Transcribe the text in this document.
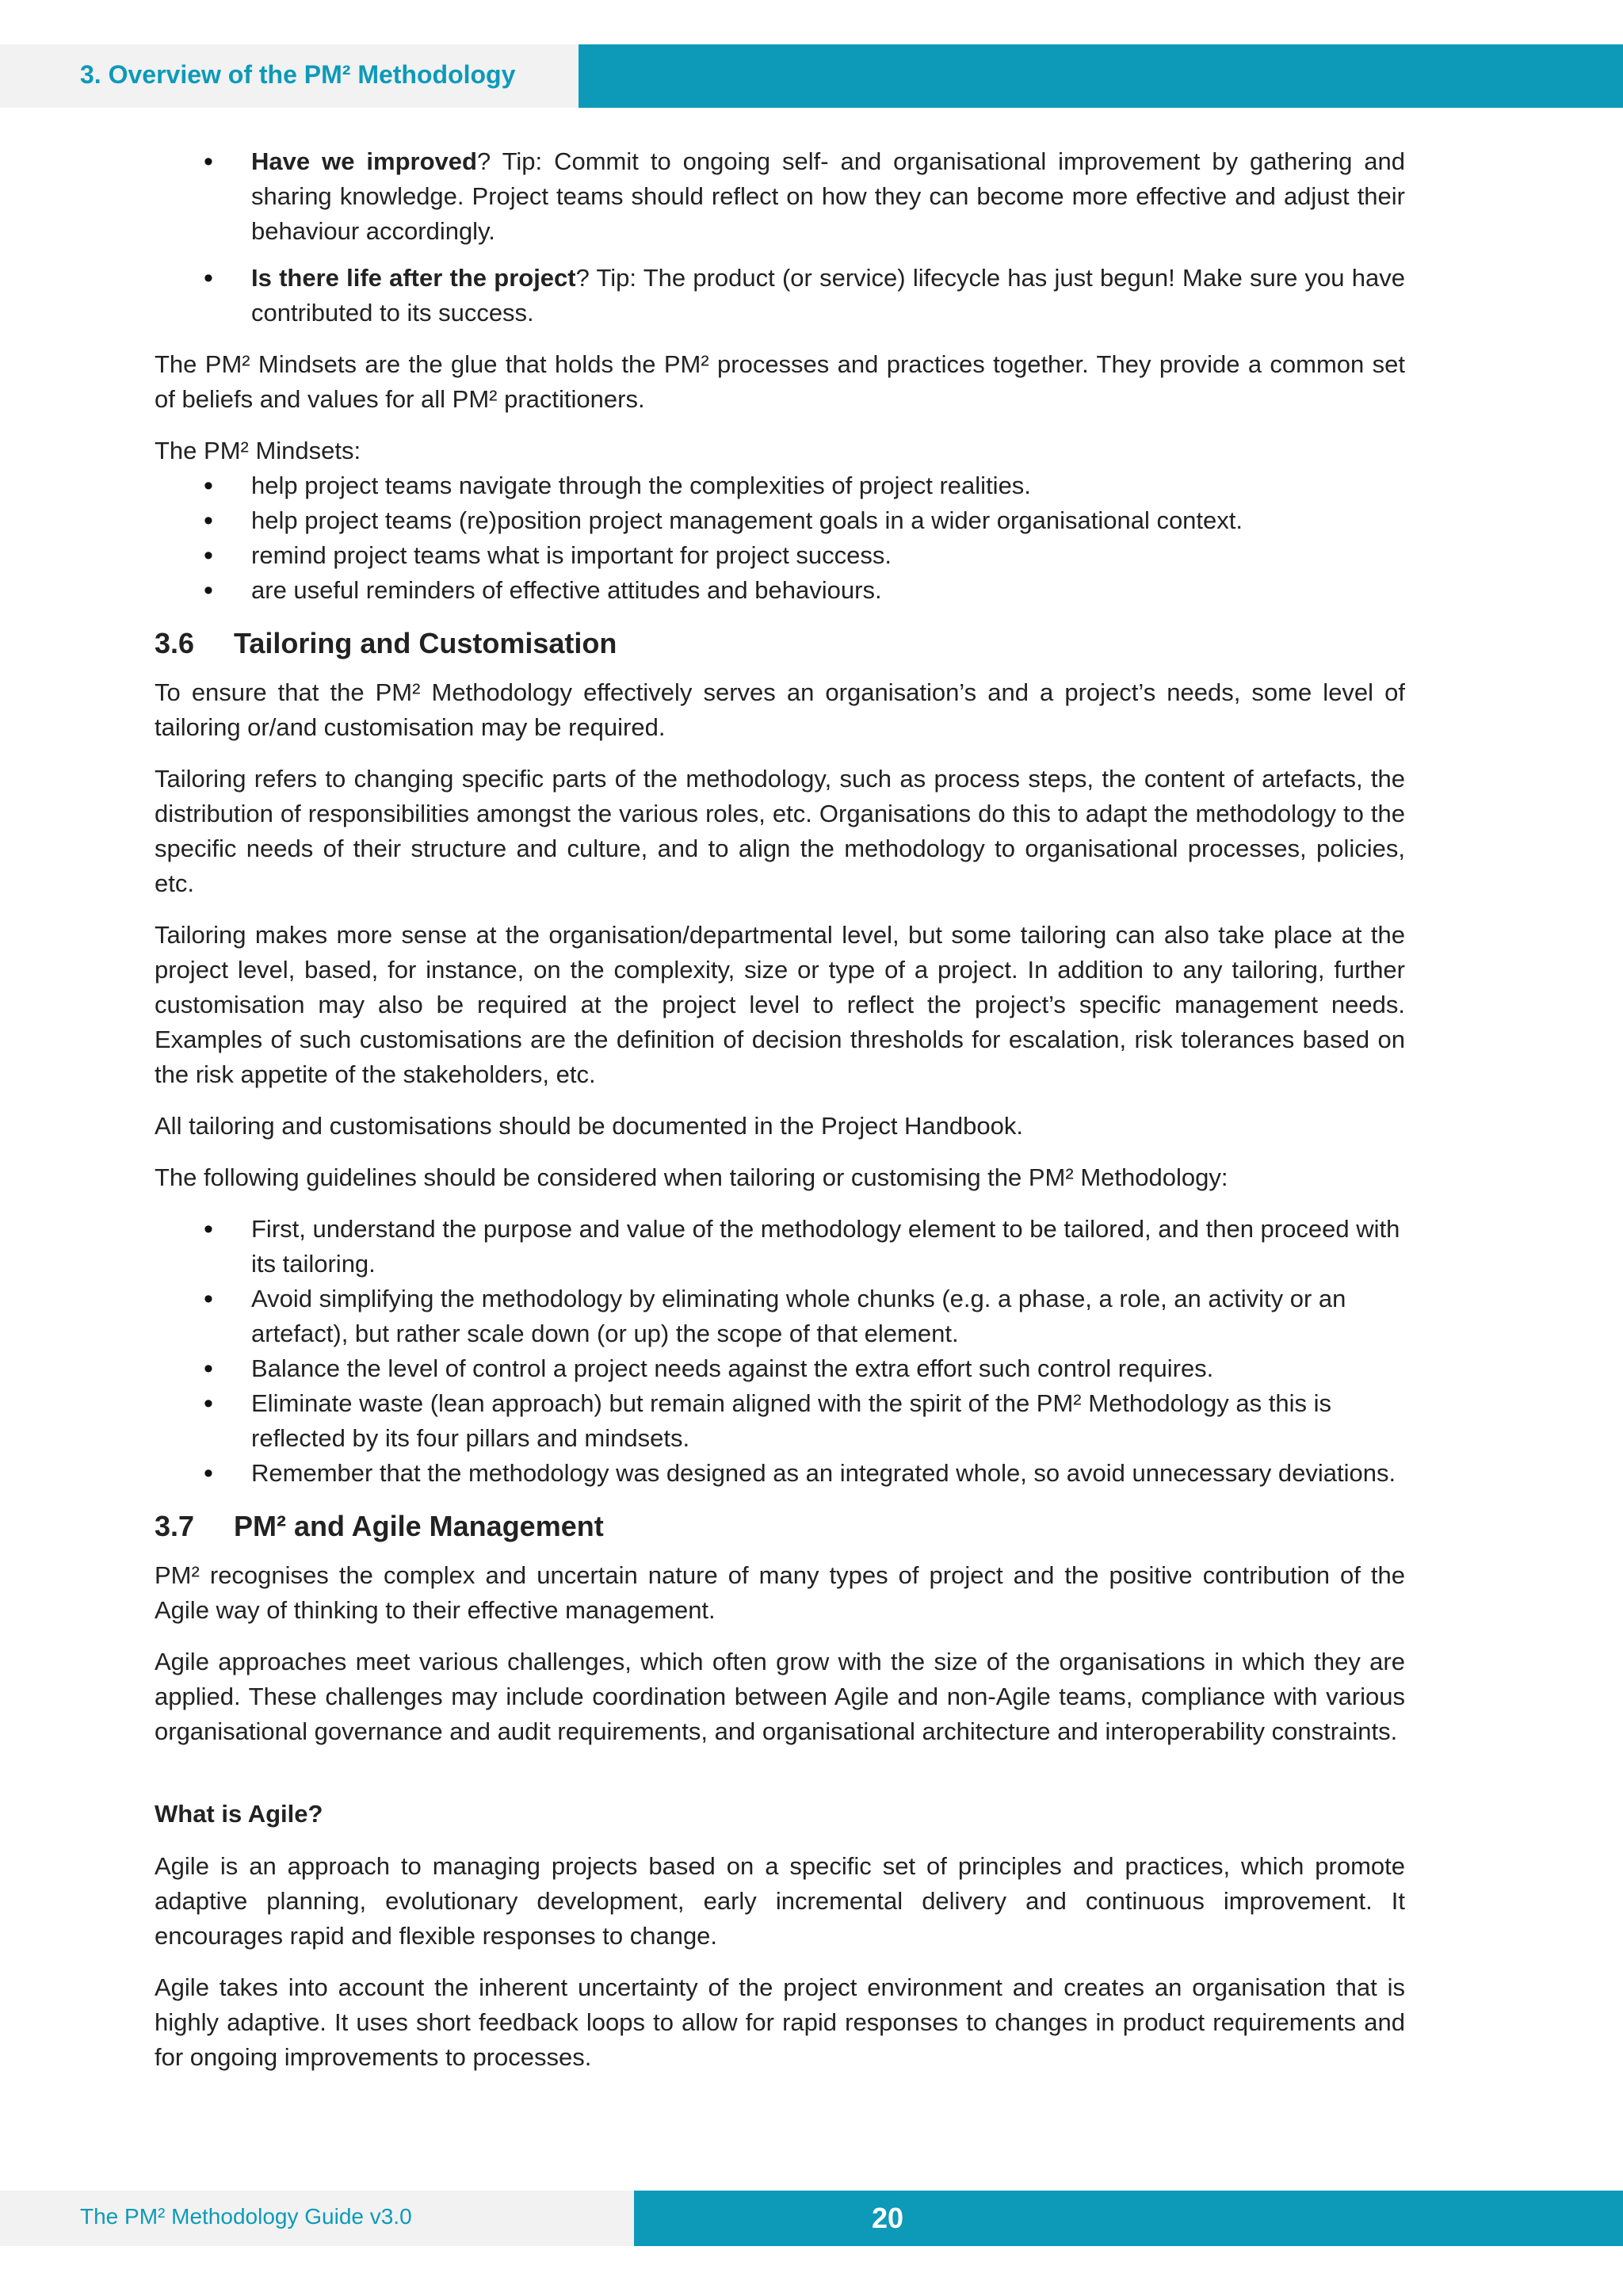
3. Overview of the PM² Methodology
• Have we improved? Tip: Commit to ongoing self- and organisational improvement by gathering and sharing knowledge. Project teams should reflect on how they can become more effective and adjust their behaviour accordingly.
• Is there life after the project? Tip: The product (or service) lifecycle has just begun! Make sure you have contributed to its success.

The PM² Mindsets are the glue that holds the PM² processes and practices together. They provide a common set of beliefs and values for all PM² practitioners.

The PM² Mindsets:

• help project teams navigate through the complexities of project realities.
• help project teams (re)position project management goals in a wider organisational context.
• remind project teams what is important for project success.
• are useful reminders of effective attitudes and behaviours.
3.6 Tailoring and Customisation

To ensure that the PM² Methodology effectively serves an organisation’s and a project’s needs, some level of tailoring or/and customisation may be required.

Tailoring refers to changing specific parts of the methodology, such as process steps, the content of artefacts, the distribution of responsibilities amongst the various roles, etc. Organisations do this to adapt the methodology to the specific needs of their structure and culture, and to align the methodology to organisational processes, policies, etc.

Tailoring makes more sense at the organisation/departmental level, but some tailoring can also take place at the project level, based, for instance, on the complexity, size or type of a project. In addition to any tailoring, further customisation may also be required at the project level to reflect the project’s specific management needs. Examples of such customisations are the definition of decision thresholds for escalation, risk tolerances based on the risk appetite of the stakeholders, etc.

All tailoring and customisations should be documented in the Project Handbook.

The following guidelines should be considered when tailoring or customising the PM² Methodology:

• First, understand the purpose and value of the methodology element to be tailored, and then proceed with its tailoring.
• Avoid simplifying the methodology by eliminating whole chunks (e.g. a phase, a role, an activity or an artefact), but rather scale down (or up) the scope of that element.
• Balance the level of control a project needs against the extra effort such control requires.
• Eliminate waste (lean approach) but remain aligned with the spirit of the PM² Methodology as this is reflected by its four pillars and mindsets.
• Remember that the methodology was designed as an integrated whole, so avoid unnecessary deviations.
3.7 PM² and Agile Management

PM² recognises the complex and uncertain nature of many types of project and the positive contribution of the Agile way of thinking to their effective management.

Agile approaches meet various challenges, which often grow with the size of the organisations in which they are applied. These challenges may include coordination between Agile and non-Agile teams, compliance with various organisational governance and audit requirements, and organisational architecture and interoperability constraints.

What is Agile?

Agile is an approach to managing projects based on a specific set of principles and practices, which promote adaptive planning, evolutionary development, early incremental delivery and continuous improvement. It encourages rapid and flexible responses to change.

Agile takes into account the inherent uncertainty of the project environment and creates an organisation that is highly adaptive. It uses short feedback loops to allow for rapid responses to changes in product requirements and for ongoing improvements to processes.

The PM² Methodology Guide v3.0	20
